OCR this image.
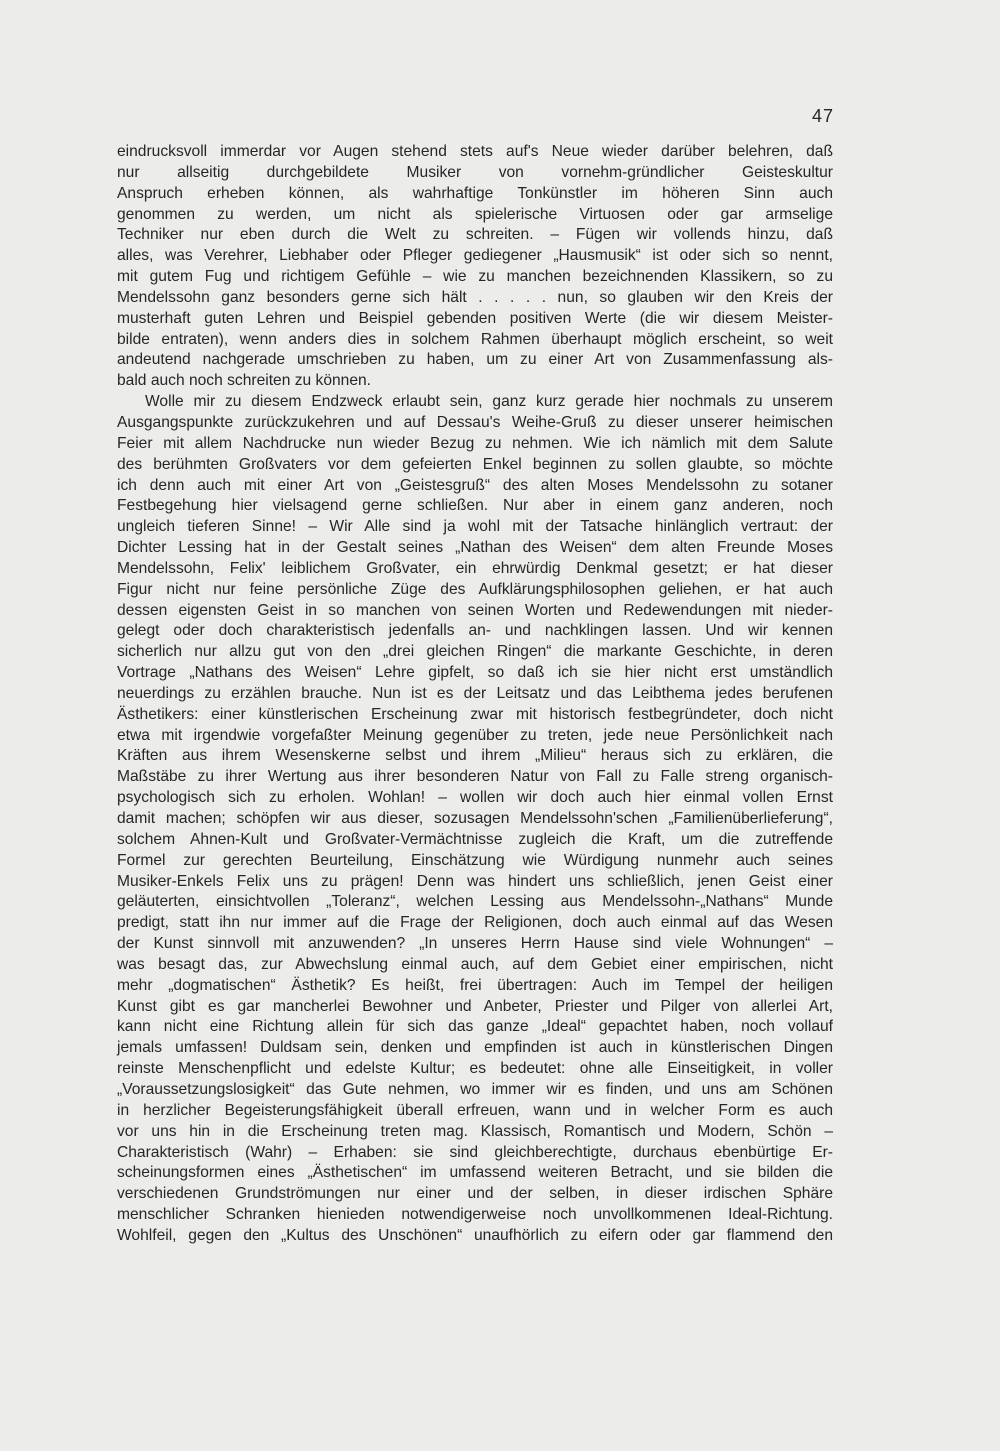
47
eindrucksvoll immerdar vor Augen stehend stets auf's Neue wieder darüber belehren, daß
nur allseitig durchgebildete Musiker von vornehm-gründlicher Geisteskultur
Anspruch erheben können, als wahrhaftige Tonkünstler im höheren Sinn auch
genommen zu werden, um nicht als spielerische Virtuosen oder gar armselige
Techniker nur eben durch die Welt zu schreiten. – Fügen wir vollends hinzu, daß
alles, was Verehrer, Liebhaber oder Pfleger gediegener „Hausmusik“ ist oder sich so nennt,
mit gutem Fug und richtigem Gefühle – wie zu manchen bezeichnenden Klassikern, so zu
Mendelssohn ganz besonders gerne sich hält . . . . . nun, so glauben wir den Kreis der
musterhaft guten Lehren und Beispiel gebenden positiven Werte (die wir diesem Meister-
bilde entraten), wenn anders dies in solchem Rahmen überhaupt möglich erscheint, so weit
andeutend nachgerade umschrieben zu haben, um zu einer Art von Zusammenfassung als-
bald auch noch schreiten zu können.
Wolle mir zu diesem Endzweck erlaubt sein, ganz kurz gerade hier nochmals zu unserem
Ausgangspunkte zurückzukehren und auf Dessau's Weihe-Gruß zu dieser unserer heimischen
Feier mit allem Nachdrucke nun wieder Bezug zu nehmen. Wie ich nämlich mit dem Salute
des berühmten Großvaters vor dem gefeierten Enkel beginnen zu sollen glaubte, so möchte
ich denn auch mit einer Art von „Geistesgruß“ des alten Moses Mendelssohn zu sotaner
Festbegehung hier vielsagend gerne schließen. Nur aber in einem ganz anderen, noch
ungleich tieferen Sinne! – Wir Alle sind ja wohl mit der Tatsache hinlänglich vertraut: der
Dichter Lessing hat in der Gestalt seines „Nathan des Weisen“ dem alten Freunde Moses
Mendelssohn, Felix' leiblichem Großvater, ein ehrwürdig Denkmal gesetzt; er hat dieser
Figur nicht nur feine persönliche Züge des Aufklärungsphilosophen geliehen, er hat auch
dessen eigensten Geist in so manchen von seinen Worten und Redewendungen mit nieder-
gelegt oder doch charakteristisch jedenfalls an- und nachklingen lassen. Und wir kennen
sicherlich nur allzu gut von den „drei gleichen Ringen“ die markante Geschichte, in deren
Vortrage „Nathans des Weisen“ Lehre gipfelt, so daß ich sie hier nicht erst umständlich
neuerdings zu erzählen brauche. Nun ist es der Leitsatz und das Leibthema jedes berufenen
Ästhetikers: einer künstlerischen Erscheinung zwar mit historisch festbegründeter, doch nicht
etwa mit irgendwie vorgefaßter Meinung gegenüber zu treten, jede neue Persönlichkeit nach
Kräften aus ihrem Wesenskerne selbst und ihrem „Milieu“ heraus sich zu erklären, die
Maßstäbe zu ihrer Wertung aus ihrer besonderen Natur von Fall zu Falle streng organisch-
psychologisch sich zu erholen. Wohlan! – wollen wir doch auch hier einmal vollen Ernst
damit machen; schöpfen wir aus dieser, sozusagen Mendelssohn'schen „Familienüberlieferung“,
solchem Ahnen-Kult und Großvater-Vermächtnisse zugleich die Kraft, um die zutreffende
Formel zur gerechten Beurteilung, Einschätzung wie Würdigung nunmehr auch seines
Musiker-Enkels Felix uns zu prägen! Denn was hindert uns schließlich, jenen Geist einer
geläuterten, einsichtvollen „Toleranz“, welchen Lessing aus Mendelssohn-„Nathans“ Munde
predigt, statt ihn nur immer auf die Frage der Religionen, doch auch einmal auf das Wesen
der Kunst sinnvoll mit anzuwenden? „In unseres Herrn Hause sind viele Wohnungen“ –
was besagt das, zur Abwechslung einmal auch, auf dem Gebiet einer empirischen, nicht
mehr „dogmatischen“ Ästhetik? Es heißt, frei übertragen: Auch im Tempel der heiligen
Kunst gibt es gar mancherlei Bewohner und Anbeter, Priester und Pilger von allerlei Art,
kann nicht eine Richtung allein für sich das ganze „Ideal“ gepachtet haben, noch vollauf
jemals umfassen! Duldsam sein, denken und empfinden ist auch in künstlerischen Dingen
reinste Menschenpflicht und edelste Kultur; es bedeutet: ohne alle Einseitigkeit, in voller
„Voraussetzungslosigkeit“ das Gute nehmen, wo immer wir es finden, und uns am Schönen
in herzlicher Begeisterungsfähigkeit überall erfreuen, wann und in welcher Form es auch
vor uns hin in die Erscheinung treten mag. Klassisch, Romantisch und Modern, Schön –
Charakteristisch (Wahr) – Erhaben: sie sind gleichberechtigte, durchaus ebenbürtige Er-
scheinungsformen eines „Ästhetischen“ im umfassend weiteren Betracht, und sie bilden die
verschiedenen Grundströmungen nur einer und der selben, in dieser irdischen Sphäre
menschlicher Schranken hienieden notwendigerweise noch unvollkommenen Ideal-Richtung.
Wohlfeil, gegen den „Kultus des Unschönen“ unaufhörlich zu eifern oder gar flammend den
